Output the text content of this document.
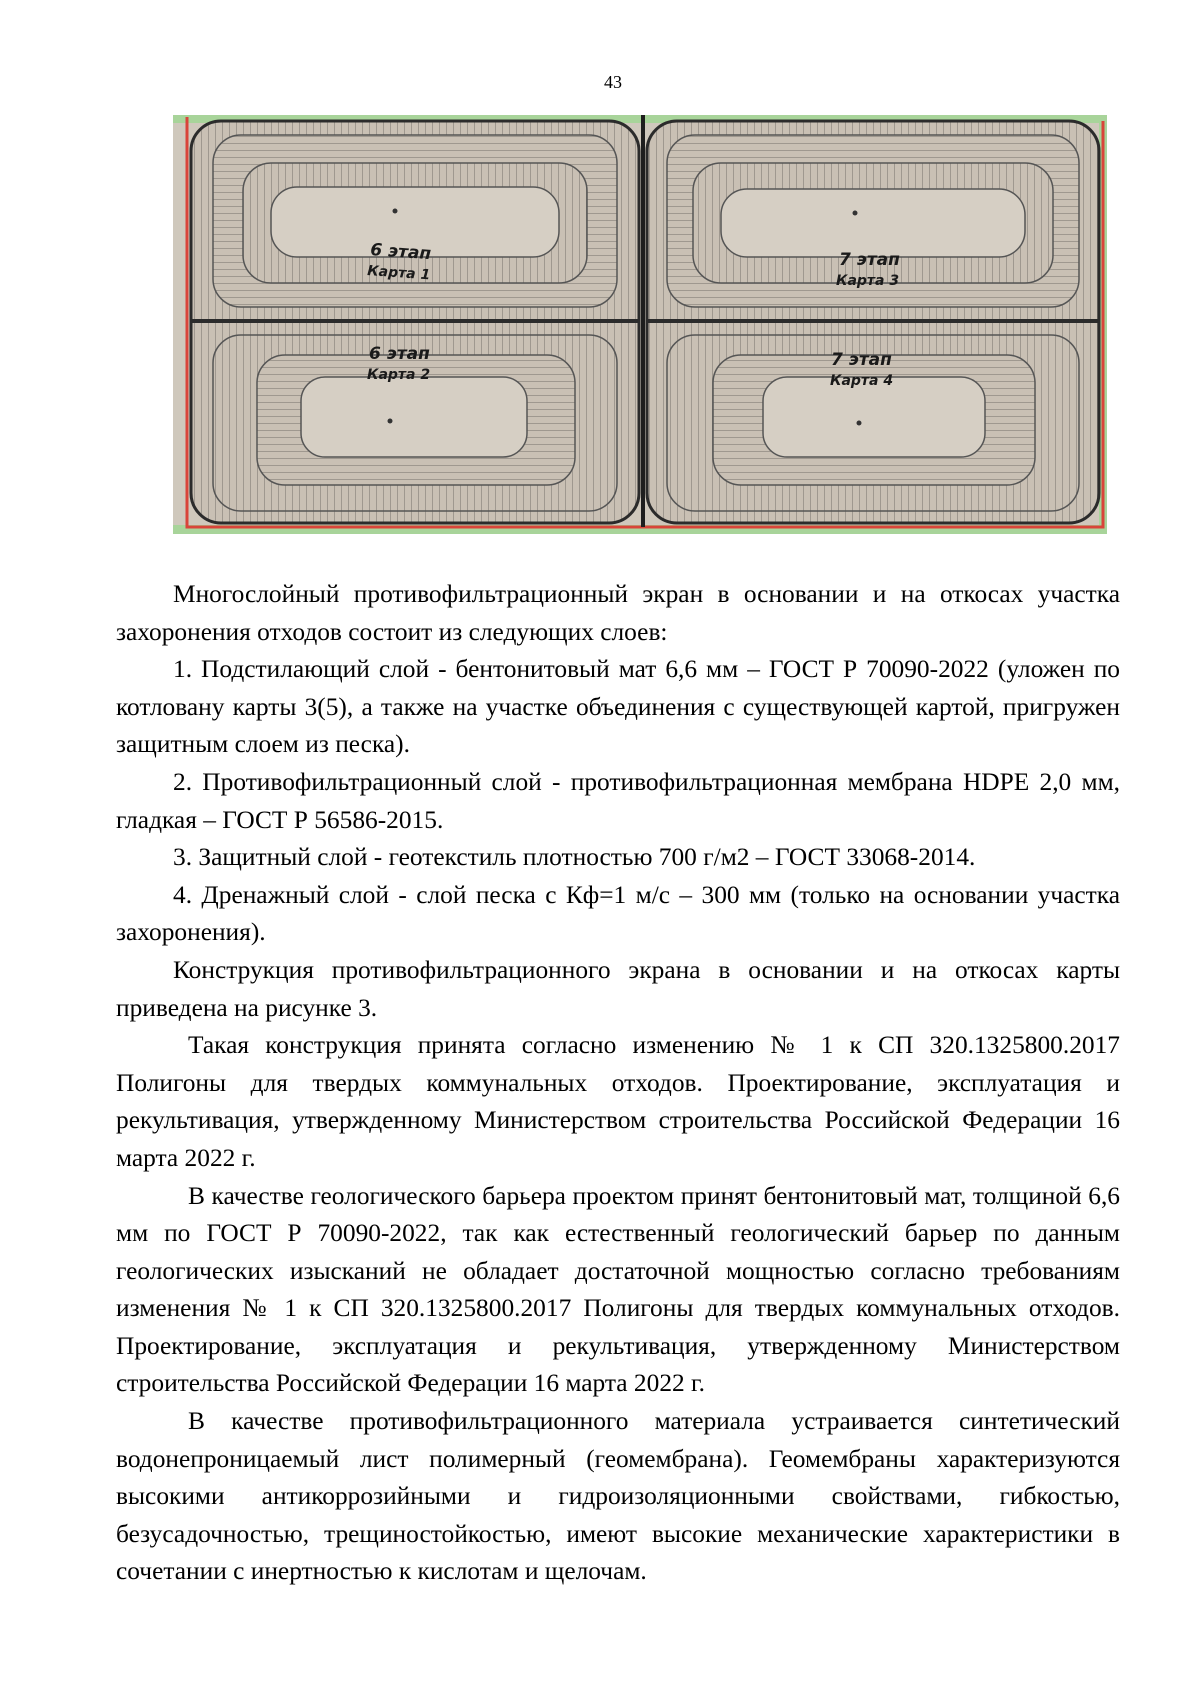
43
6 этап
Карта 1
7 этап
Карта 3
6 этап
Карта 2
7 этап
Карта 4

Многослойный противофильтрационный экран в основании и на откосах участка захоронения отходов состоит из следующих слоев:

1. Подстилающий слой - бентонитовый мат 6,6 мм – ГОСТ Р 70090-2022 (уложен по котловану карты 3(5), а также на участке объединения с существующей картой, пригружен защитным слоем из песка).

2. Противофильтрационный слой - противофильтрационная мембрана HDPE 2,0 мм, гладкая – ГОСТ Р 56586-2015.

3. Защитный слой - геотекстиль плотностью 700 г/м2 – ГОСТ 33068-2014.

4. Дренажный слой - слой песка с Кф=1 м/с – 300 мм (только на основании участка захоронения).

Конструкция противофильтрационного экрана в основании и на откосах карты приведена на рисунке 3.

Такая конструкция принята согласно изменению № 1 к СП 320.1325800.2017 Полигоны для твердых коммунальных отходов. Проектирование, эксплуатация и рекультивация, утвержденному Министерством строительства Российской Федерации 16 марта 2022 г.

В качестве геологического барьера проектом принят бентонитовый мат, толщиной 6,6 мм по ГОСТ Р 70090-2022, так как естественный геологический барьер по данным геологических изысканий не обладает достаточной мощностью согласно требованиям изменения № 1 к СП 320.1325800.2017 Полигоны для твердых коммунальных отходов. Проектирование, эксплуатация и рекультивация, утвержденному Министерством строительства Российской Федерации 16 марта 2022 г.

В качестве противофильтрационного материала устраивается синтетический водонепроницаемый лист полимерный (геомембрана). Геомембраны характеризуются высокими антикоррозийными и гидроизоляционными свойствами, гибкостью, безусадочностью, трещиностойкостью, имеют высокие механические характеристики в сочетании с инертностью к кислотам и щелочам.
